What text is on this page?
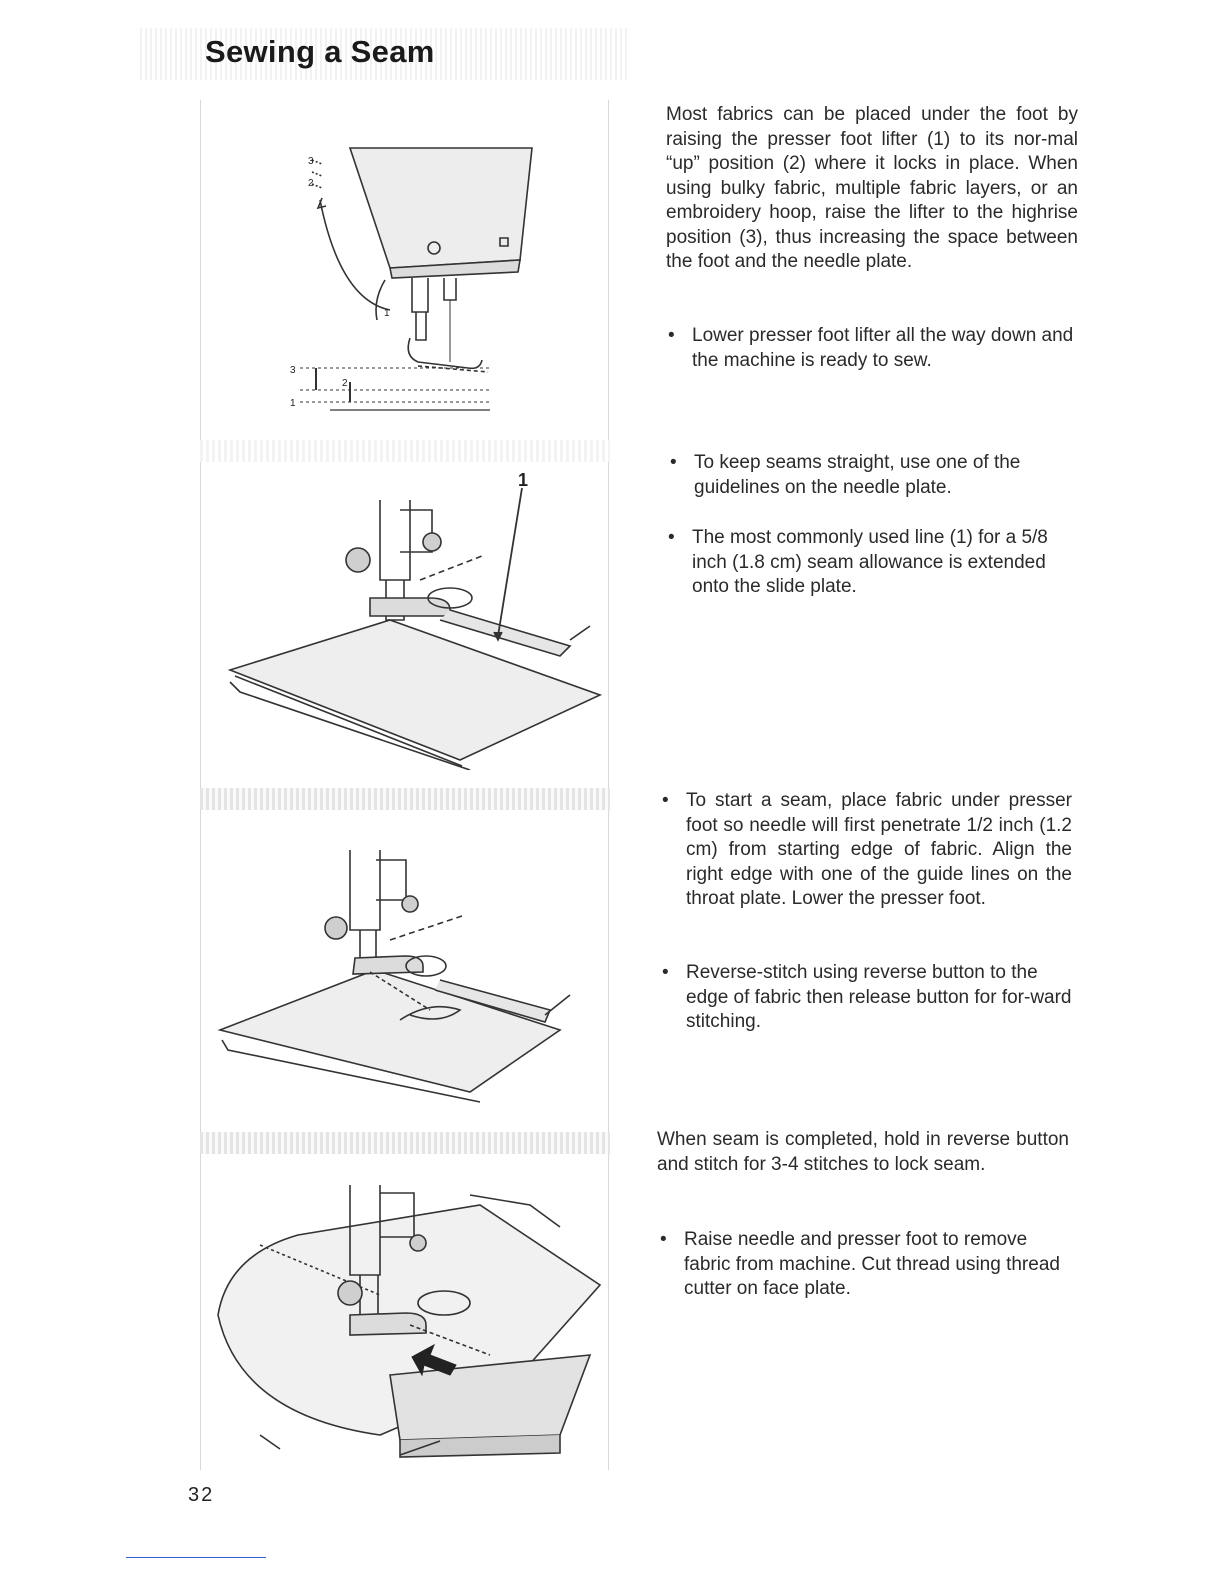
Sewing a Seam
3
2
1
3
2
1
1
Most fabrics can be placed under the foot by raising the presser foot lifter (1) to its nor-mal “up” position (2) where it locks in place. When using bulky fabric, multiple fabric layers, or an embroidery hoop, raise the lifter to the highrise position (3), thus increasing the space between the foot and the needle plate.
• Lower presser foot lifter all the way down and the machine is ready to sew.
• To keep seams straight, use one of the guidelines on the needle plate.
• The most commonly used line (1) for a 5/8 inch (1.8 cm) seam allowance is extended onto the slide plate.
• To start a seam, place fabric under presser foot so needle will first penetrate 1/2 inch (1.2 cm) from starting edge of fabric. Align the right edge with one of the guide lines on the throat plate. Lower the presser foot.
• Reverse-stitch using reverse button to the edge of fabric then release button for for-ward stitching.
When seam is completed, hold in reverse button and stitch for 3-4 stitches to lock seam.
• Raise needle and presser foot to remove fabric from machine. Cut thread using thread cutter on face plate.
32
